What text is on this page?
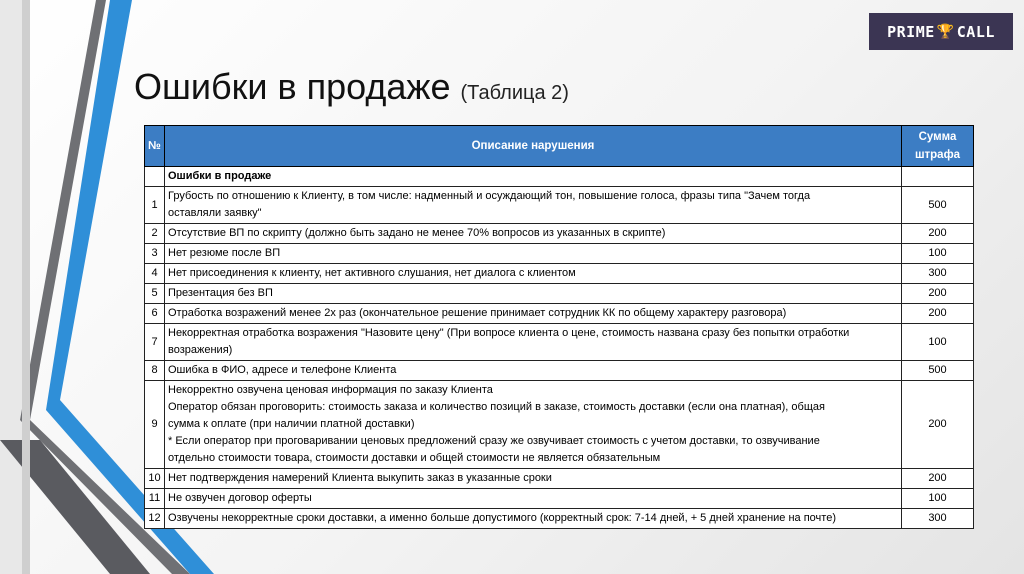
PRIME 🏆 CALL
Ошибки в продаже (Таблица 2)
№	Описание нарушения	Сумма
штрафа

	Ошибки в продаже	
1	Грубость по отношению к Клиенту, в том числе: надменный и осуждающий тон, повышение голоса, фразы типа "Зачем тогда
оставляли заявку"	500
2	Отсутствие ВП по скрипту (должно быть задано не менее 70% вопросов из указанных в скрипте)	200
3	Нет резюме после ВП	100
4	Нет присоединения к клиенту, нет активного слушания, нет диалога с клиентом	300
5	Презентация без ВП	200
6	Отработка возражений менее 2х раз (окончательное решение принимает сотрудник КК по общему характеру разговора)	200
7	Некорректная отработка возражения "Назовите цену" (При вопросе клиента о цене, стоимость названа сразу без попытки отработки
возражения)	100
8	Ошибка в ФИО, адресе и телефоне Клиента	500
9	Некорректно озвучена ценовая информация по заказу Клиента
Оператор обязан проговорить: стоимость заказа и количество позиций в заказе, стоимость доставки (если она платная), общая
сумма к оплате (при наличии платной доставки)
* Если оператор при проговаривании ценовых предложений сразу же озвучивает стоимость с учетом доставки, то озвучивание
отдельно стоимости товара, стоимости доставки и общей стоимости не является обязательным	200
10	Нет подтверждения намерений Клиента выкупить заказ в указанные сроки	200
11	Не озвучен договор оферты	100
12	Озвучены некорректные сроки доставки, а именно больше допустимого (корректный срок: 7-14 дней, + 5 дней хранение на почте)	300
